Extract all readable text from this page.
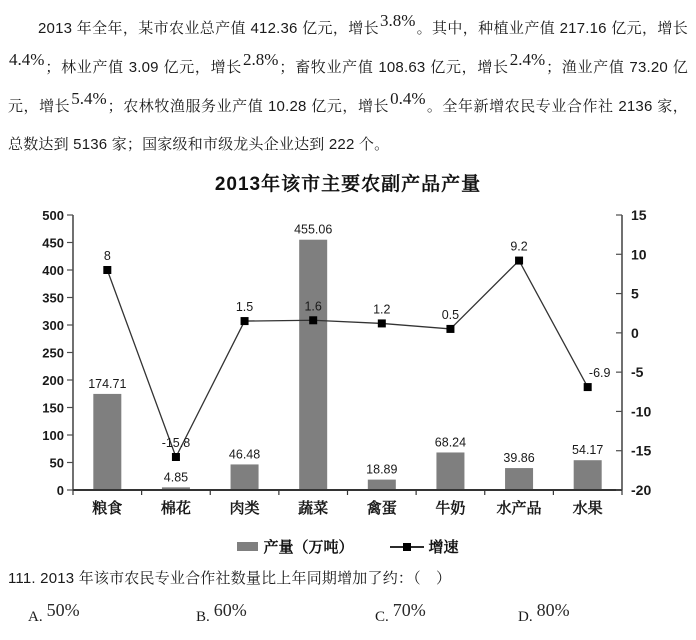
2013 年全年，某市农业总产值 412.36 亿元，增长3.8%。其中，种植业产值 217.16 亿元，增长4.4%；林业产值 3.09 亿元，增长2.8%；畜牧业产值 108.63 亿元，增长2.4%；渔业产值 73.20 亿元，增长5.4%；农林牧渔服务业产值 10.28 亿元，增长0.4%。全年新增农民专业合作社 2136 家，总数达到 5136 家；国家级和市级龙头企业达到 222 个。

2013年该市主要农副产品产量
500
450
400
350
300
250
200
150
100
50
0
15
10
5
0
-5
-10
-15
-20
粮食	棉花	肉类	蔬菜	禽蛋	牛奶 水产品 水果
174.71
4.85
46.48
455.06
18.89
68.24
39.86
54.17
8
-15.8
1.5	1.6	1.2	0.5
9.2
-6.9
产量（万吨）	增速
111. 2013 年该市农民专业合作社数量比上年同期增加了约：（　）
A. 50%	B. 60%	C. 70%	D. 80%
